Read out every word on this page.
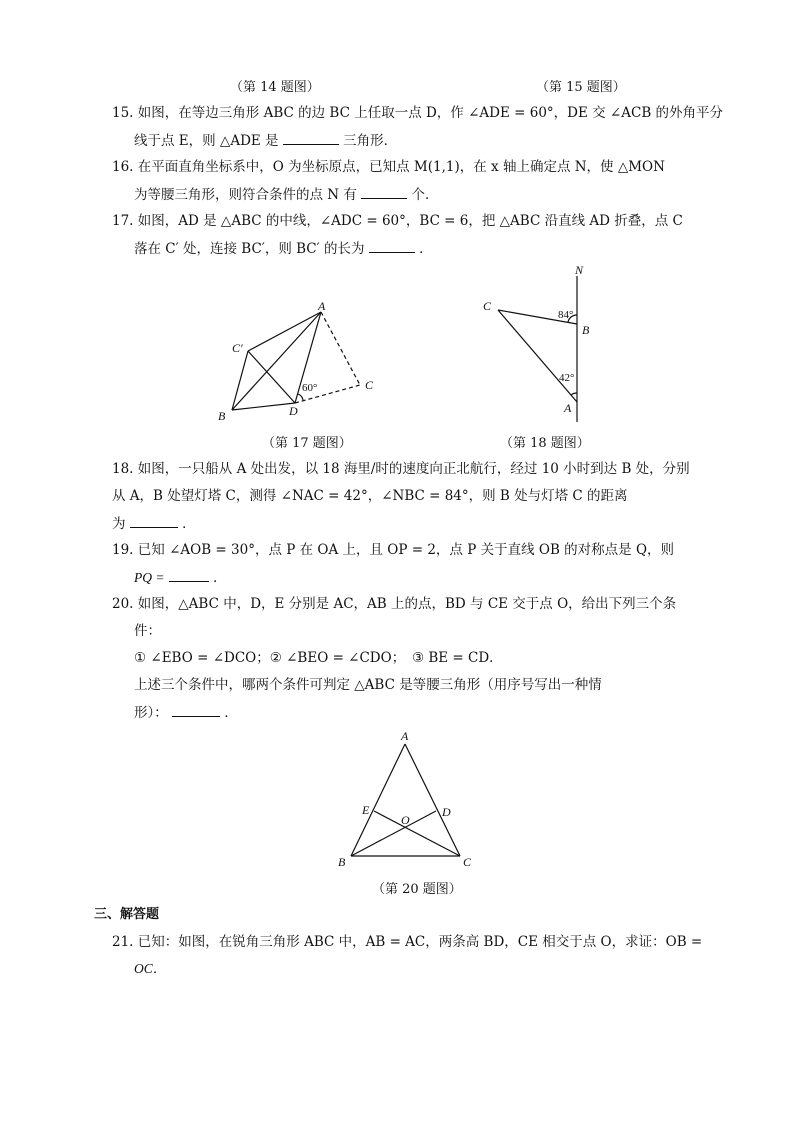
（第 14 题图）	（第 15 题图）
15. 如图，在等边三角形 ABC 的边 BC 上任取一点 D，作 ∠ADE = 60°，DE 交 ∠ACB 的外角平分
线于点 E，则 △ADE 是	三角形．
16. 在平面直角坐标系中，O 为坐标原点，已知点 M(1,1)，在 x 轴上确定点 N，使 △MON
为等腰三角形，则符合条件的点 N 有	个．
17. 如图，AD 是 △ABC 的中线，∠ADC = 60°，BC = 6，把 △ABC 沿直线 AD 折叠，点 C
落在 C′ 处，连接 BC′，则 BC′ 的长为	．
A
B
C
C′
D
60°
（第 17 题图）
N
C
B
A
84°
42°
（第 18 题图）
18. 如图，一只船从 A 处出发，以 18 海里/时的速度向正北航行，经过 10 小时到达 B 处，分别
从 A，B 处望灯塔 C，测得 ∠NAC = 42°，∠NBC = 84°，则 B 处与灯塔 C 的距离
为	．
19. 已知 ∠AOB = 30°，点 P 在 OA 上，且 OP = 2，点 P 关于直线 OB 的对称点是 Q，则
PQ =	．
20. 如图，△ABC 中，D，E 分别是 AC，AB 上的点，BD 与 CE 交于点 O，给出下列三个条
件：
① ∠EBO = ∠DCO；② ∠BEO = ∠CDO；　③ BE = CD．
上述三个条件中，哪两个条件可判定 △ABC 是等腰三角形（用序号写出一种情
形）：	．
A
B	C
D
E
O
（第 20 题图）
三、解答题
21. 已知：如图，在锐角三角形 ABC 中，AB = AC，两条高 BD，CE 相交于点 O，求证：OB =
OC．
